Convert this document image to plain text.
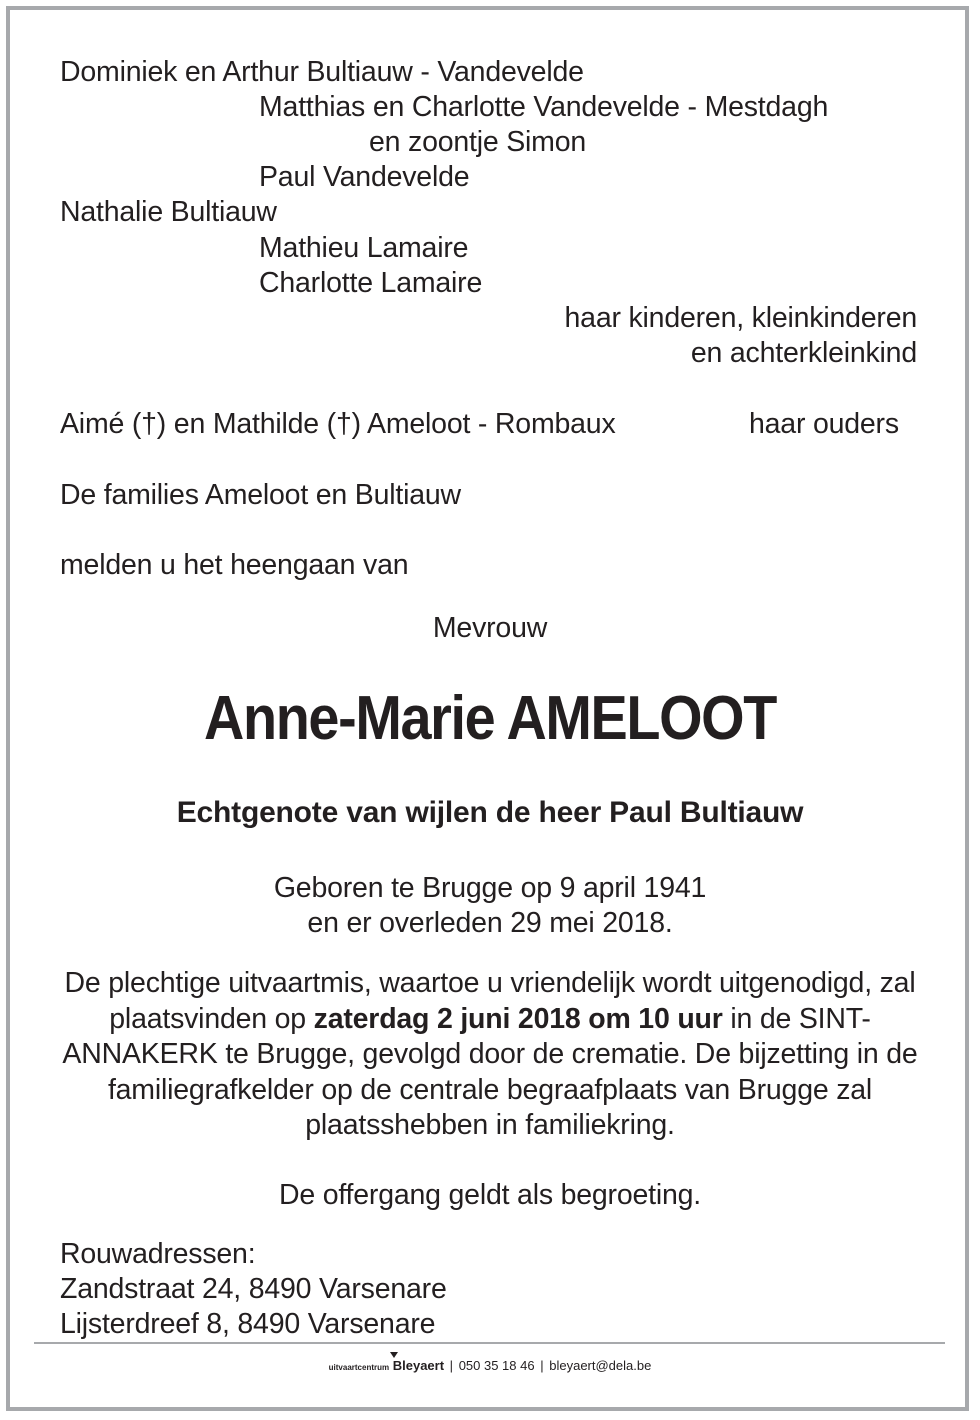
Dominiek en Arthur Bultiauw - Vandevelde
Matthias en Charlotte Vandevelde - Mestdagh
en zoontje Simon
Paul Vandevelde
Nathalie Bultiauw
Mathieu Lamaire
Charlotte Lamaire
haar kinderen, kleinkinderen
en achterkleinkind
Aimé (†) en Mathilde (†) Ameloot - Rombaux	haar ouders
De families Ameloot en Bultiauw
melden u het heengaan van
Mevrouw
Anne-Marie AMELOOT
Echtgenote van wijlen de heer Paul Bultiauw
Geboren te Brugge op 9 april 1941
en er overleden 29 mei 2018.
De plechtige uitvaartmis, waartoe u vriendelijk wordt uitgenodigd, zal plaatsvinden op zaterdag 2 juni 2018 om 10 uur in de SINT-ANNAKERK te Brugge, gevolgd door de crematie. De bijzetting in de familiegrafkelder op de centrale begraafplaats van Brugge zal plaatsshebben in familiekring.
De offergang geldt als begroeting.
Rouwadressen:
Zandstraat 24, 8490 Varsenare
Lijsterdreef 8, 8490 Varsenare
uitvaartcentrum Bleyaert | 050 35 18 46 | bleyaert@dela.be
